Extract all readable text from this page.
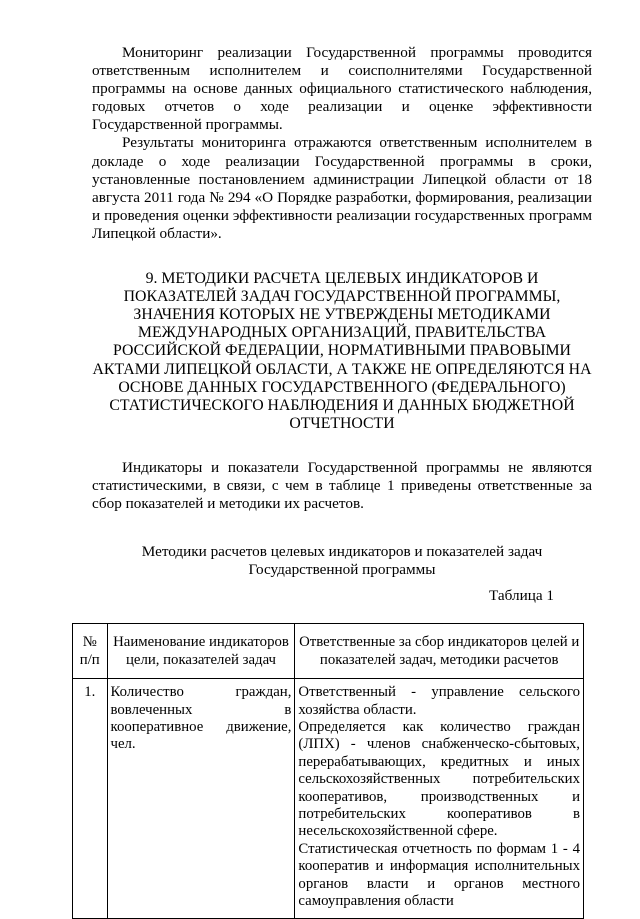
Мониторинг реализации Государственной программы проводится ответственным исполнителем и соисполнителями Государственной программы на основе данных официального статистического наблюдения, годовых отчетов о ходе реализации и оценке эффективности Государственной программы.

Результаты мониторинга отражаются ответственным исполнителем в докладе о ходе реализации Государственной программы в сроки, установленные постановлением администрации Липецкой области от 18 августа 2011 года № 294 «О Порядке разработки, формирования, реализации и проведения оценки эффективности реализации государственных программ Липецкой области».

9. МЕТОДИКИ РАСЧЕТА ЦЕЛЕВЫХ ИНДИКАТОРОВ И ПОКАЗАТЕЛЕЙ ЗАДАЧ ГОСУДАРСТВЕННОЙ ПРОГРАММЫ, ЗНАЧЕНИЯ КОТОРЫХ НЕ УТВЕРЖДЕНЫ МЕТОДИКАМИ МЕЖДУНАРОДНЫХ ОРГАНИЗАЦИЙ, ПРАВИТЕЛЬСТВА РОССИЙСКОЙ ФЕДЕРАЦИИ, НОРМАТИВНЫМИ ПРАВОВЫМИ АКТАМИ ЛИПЕЦКОЙ ОБЛАСТИ, А ТАКЖЕ НЕ ОПРЕДЕЛЯЮТСЯ НА ОСНОВЕ ДАННЫХ ГОСУДАРСТВЕННОГО (ФЕДЕРАЛЬНОГО) СТАТИСТИЧЕСКОГО НАБЛЮДЕНИЯ И ДАННЫХ БЮДЖЕТНОЙ ОТЧЕТНОСТИ

Индикаторы и показатели Государственной программы не являются статистическими, в связи, с чем в таблице 1 приведены ответственные за сбор показателей и методики их расчетов.

Методики расчетов целевых индикаторов и показателей задач
Государственной программы
Таблица 1
№
п/п	Наименование индикаторов цели, показателей задач	Ответственные за сбор индикаторов целей и показателей задач, методики расчетов
1.	Количество граждан, вовлеченных в кооперативное движение, чел.	Ответственный - управление сельского хозяйства области.

Определяется как количество граждан (ЛПХ) - членов снабженческо-сбытовых, перерабатывающих, кредитных и иных сельскохозяйственных потребительских кооперативов, производственных и потребительских кооперативов в несельскохозяйственной сфере.

Статистическая отчетность по формам 1 - 4 кооператив и информация исполнительных органов власти и органов местного самоуправления области
